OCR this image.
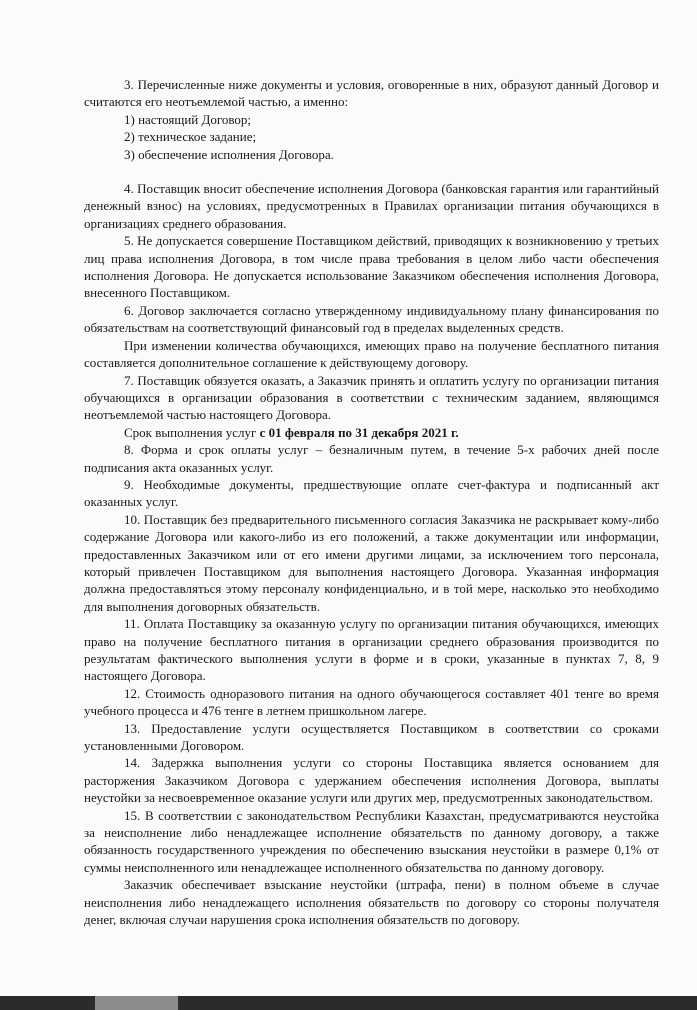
3. Перечисленные ниже документы и условия, оговоренные в них, образуют данный Договор и считаются его неотъемлемой частью, а именно:

1) настоящий Договор;

2) техническое задание;

3) обеспечение исполнения Договора.

4. Поставщик вносит обеспечение исполнения Договора (банковская гарантия или гарантийный денежный взнос) на условиях, предусмотренных в Правилах организации питания обучающихся в организациях среднего образования.

5. Не допускается совершение Поставщиком действий, приводящих к возникновению у третьих лиц права исполнения Договора, в том числе права требования в целом либо части обеспечения исполнения Договора. Не допускается использование Заказчиком обеспечения исполнения Договора, внесенного Поставщиком.

6. Договор заключается согласно утвержденному индивидуальному плану финансирования по обязательствам на соответствующий финансовый год в пределах выделенных средств.

При изменении количества обучающихся, имеющих право на получение бесплатного питания составляется дополнительное соглашение к действующему договору.

7. Поставщик обязуется оказать, а Заказчик принять и оплатить услугу по организации питания обучающихся в организации образования в соответствии с техническим заданием, являющимся неотъемлемой частью настоящего Договора.

Срок выполнения услуг с 01 февраля по 31 декабря 2021 г.

8. Форма и срок оплаты услуг – безналичным путем, в течение 5-х рабочих дней после подписания акта оказанных услуг.

9. Необходимые документы, предшествующие оплате счет-фактура и подписанный акт оказанных услуг.

10. Поставщик без предварительного письменного согласия Заказчика не раскрывает кому-либо содержание Договора или какого-либо из его положений, а также документации или информации, предоставленных Заказчиком или от его имени другими лицами, за исключением того персонала, который привлечен Поставщиком для выполнения настоящего Договора. Указанная информация должна предоставляться этому персоналу конфиденциально, и в той мере, насколько это необходимо для выполнения договорных обязательств.

11. Оплата Поставщику за оказанную услугу по организации питания обучающихся, имеющих право на получение бесплатного питания в организации среднего образования производится по результатам фактического выполнения услуги в форме и в сроки, указанные в пунктах 7, 8, 9 настоящего Договора.

12. Стоимость одноразового питания на одного обучающегося составляет 401 тенге во время учебного процесса и 476 тенге в летнем пришкольном лагере.

13. Предоставление услуги осуществляется Поставщиком в соответствии со сроками установленными Договором.

14. Задержка выполнения услуги со стороны Поставщика является основанием для расторжения Заказчиком Договора с удержанием обеспечения исполнения Договора, выплаты неустойки за несвоевременное оказание услуги или других мер, предусмотренных законодательством.

15. В соответствии с законодательством Республики Казахстан, предусматриваются неустойка за неисполнение либо ненадлежащее исполнение обязательств по данному договору, а также обязанность государственного учреждения по обеспечению взыскания неустойки в размере 0,1% от суммы неисполненного или ненадлежащее исполненного обязательства по данному договору.

Заказчик обеспечивает взыскание неустойки (штрафа, пени) в полном объеме в случае неисполнения либо ненадлежащего исполнения обязательств по договору со стороны получателя денег, включая случаи нарушения срока исполнения обязательств по договору.
